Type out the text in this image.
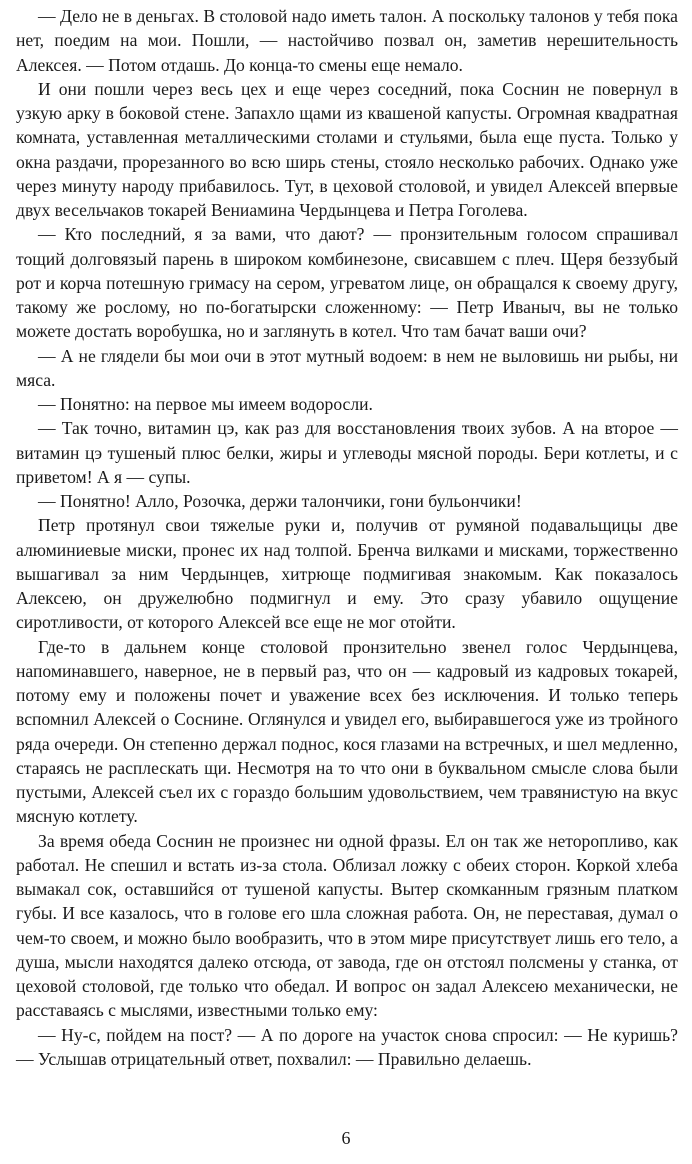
— Дело не в деньгах. В столовой надо иметь талон. А поскольку талонов у тебя пока нет, поедим на мои. Пошли, — настойчиво позвал он, заметив нерешительность Алексея. — Потом отдашь. До конца-то смены еще немало.

И они пошли через весь цех и еще через соседний, пока Соснин не повернул в узкую арку в боковой стене. Запахло щами из квашеной капусты. Огромная квадратная комната, уставленная металлическими столами и стульями, была еще пуста. Только у окна раздачи, прорезанного во всю ширь стены, стояло несколько рабочих. Однако уже через минуту народу прибавилось. Тут, в цеховой столовой, и увидел Алексей впервые двух весельчаков токарей Вениамина Чердынцева и Петра Гоголева.

— Кто последний, я за вами, что дают? — пронзительным голосом спрашивал тощий долговязый парень в широком комбинезоне, свисавшем с плеч. Щеря беззубый рот и корча потешную гримасу на сером, угреватом лице, он обращался к своему другу, такому же рослому, но по-богатырски сложенному: — Петр Иваныч, вы не только можете достать воробушка, но и заглянуть в котел. Что там бачат ваши очи?

— А не глядели бы мои очи в этот мутный водоем: в нем не выловишь ни рыбы, ни мяса.

— Понятно: на первое мы имеем водоросли.

— Так точно, витамин цэ, как раз для восстановления твоих зубов. А на второе — витамин цэ тушеный плюс белки, жиры и углеводы мясной породы. Бери котлеты, и с приветом! А я — супы.

— Понятно! Алло, Розочка, держи талончики, гони бульончики!

Петр протянул свои тяжелые руки и, получив от румяной подавальщицы две алюминиевые миски, пронес их над толпой. Бренча вилками и мисками, торжественно вышагивал за ним Чердынцев, хитрюще подмигивая знакомым. Как показалось Алексею, он дружелюбно подмигнул и ему. Это сразу убавило ощущение сиротливости, от которого Алексей все еще не мог отойти.

Где-то в дальнем конце столовой пронзительно звенел голос Чердынцева, напоминавшего, наверное, не в первый раз, что он — кадровый из кадровых токарей, потому ему и положены почет и уважение всех без исключения. И только теперь вспомнил Алексей о Соснине. Оглянулся и увидел его, выбиравшегося уже из тройного ряда очереди. Он степенно держал поднос, кося глазами на встречных, и шел медленно, стараясь не расплескать щи. Несмотря на то что они в буквальном смысле слова были пустыми, Алексей съел их с гораздо большим удовольствием, чем травянистую на вкус мясную котлету.

За время обеда Соснин не произнес ни одной фразы. Ел он так же неторопливо, как работал. Не спешил и встать из-за стола. Облизал ложку с обеих сторон. Коркой хлеба вымакал сок, оставшийся от тушеной капусты. Вытер скомканным грязным платком губы. И все казалось, что в голове его шла сложная работа. Он, не переставая, думал о чем-то своем, и можно было вообразить, что в этом мире присутствует лишь его тело, а душа, мысли находятся далеко отсюда, от завода, где он отстоял полсмены у станка, от цеховой столовой, где только что обедал. И вопрос он задал Алексею механически, не расставаясь с мыслями, известными только ему:

— Ну-с, пойдем на пост? — А по дороге на участок снова спросил: — Не куришь? — Услышав отрицательный ответ, похвалил: — Правильно делаешь.

6
